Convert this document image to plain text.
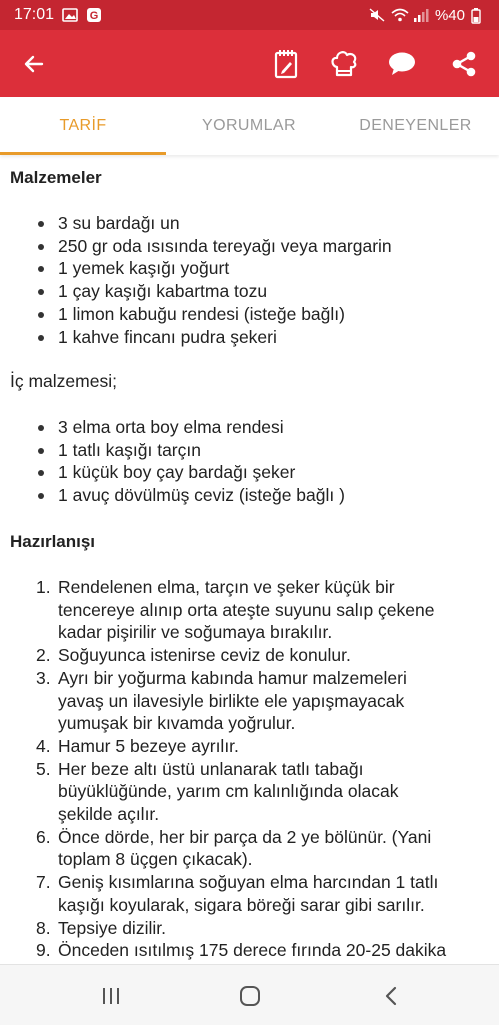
17:01	G	%40
TARİF	YORUMLAR	DENEYENLER
Malzemeler
3 su bardağı un
250 gr oda ısısında tereyağı veya margarin
1 yemek kaşığı yoğurt
1 çay kaşığı kabartma tozu
1 limon kabuğu rendesi (isteğe bağlı)
1 kahve fincanı pudra şekeri
İç malzemesi;
3 elma orta boy elma rendesi
1 tatlı kaşığı tarçın
1 küçük boy çay bardağı şeker
1 avuç dövülmüş ceviz (isteğe bağlı )
Hazırlanışı
1. Rendelenen elma, tarçın ve şeker küçük bir
tencereye alınıp orta ateşte suyunu salıp çekene
kadar pişirilir ve soğumaya bırakılır.
2. Soğuyunca istenirse ceviz de konulur.
3. Ayrı bir yoğurma kabında hamur malzemeleri
yavaş un ilavesiyle birlikte ele yapışmayacak
yumuşak bir kıvamda yoğrulur.
4. Hamur 5 bezeye ayrılır.
5. Her beze altı üstü unlanarak tatlı tabağı
büyüklüğünde, yarım cm kalınlığında olacak
şekilde açılır.
6. Önce dörde, her bir parça da 2 ye bölünür. (Yani
toplam 8 üçgen çıkacak).
7. Geniş kısımlarına soğuyan elma harcından 1 tatlı
kaşığı koyularak, sigara böreği sarar gibi sarılır.
8. Tepsiye dizilir.
9. Önceden ısıtılmış 175 derece fırında 20-25 dakika
